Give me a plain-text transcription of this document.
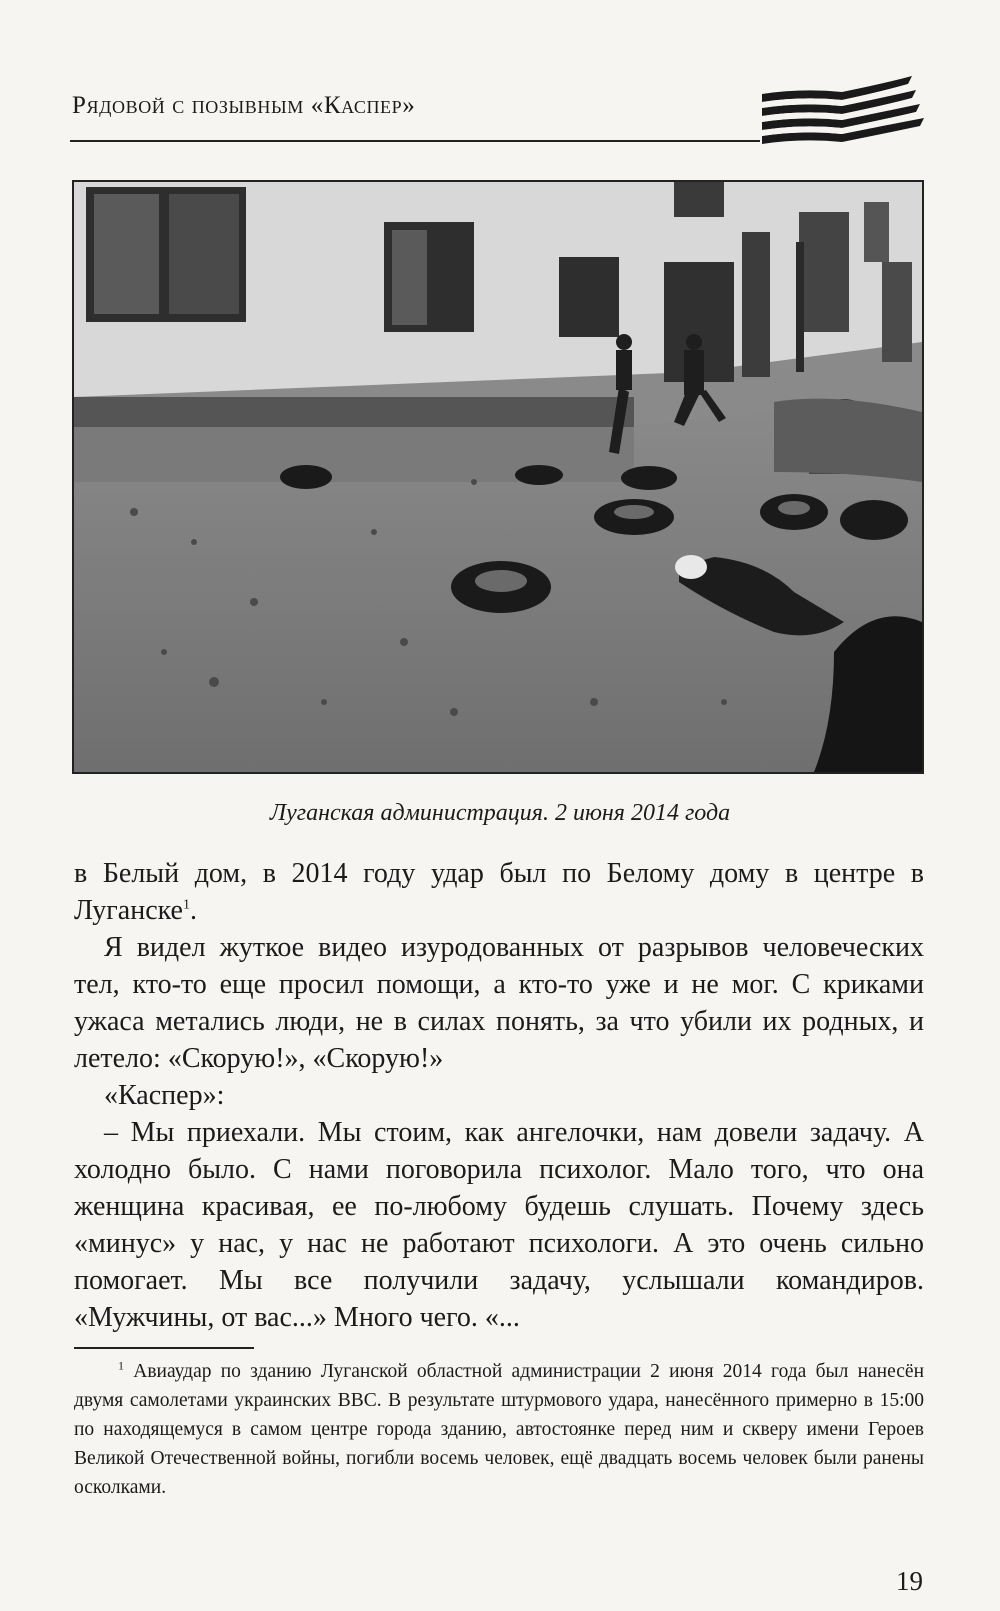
Рядовой с позывным «Каспер»
Луганская администрация. 2 июня 2014 года

в Белый дом, в 2014 году удар был по Белому дому в центре в Луганске$^1$.

Я видел жуткое видео изуродованных от разрывов человеческих тел, кто-то еще просил помощи, а кто-то уже и не мог. С криками ужаса метались люди, не в силах понять, за что убили их родных, и летело: «Скорую!», «Скорую!»

«Каспер»:

– Мы приехали. Мы стоим, как ангелочки, нам довели задачу. А холодно было. С нами поговорила психолог. Мало того, что она женщина красивая, ее по-любому будешь слушать. Почему здесь «минус» у нас, у нас не работают психологи. А это очень сильно помогает. Мы все получили задачу, услышали командиров. «Мужчины, от вас...» Много чего. «...

$^1$ Авиаудар по зданию Луганской областной администрации 2 июня 2014 года был нанесён двумя самолетами украинских ВВС. В результате штурмового удара, нанесённого примерно в 15:00 по находящемуся в самом центре города зданию, автостоянке перед ним и скверу имени Героев Великой Отечественной войны, погибли восемь человек, ещё двадцать восемь человек были ранены осколками.

19
